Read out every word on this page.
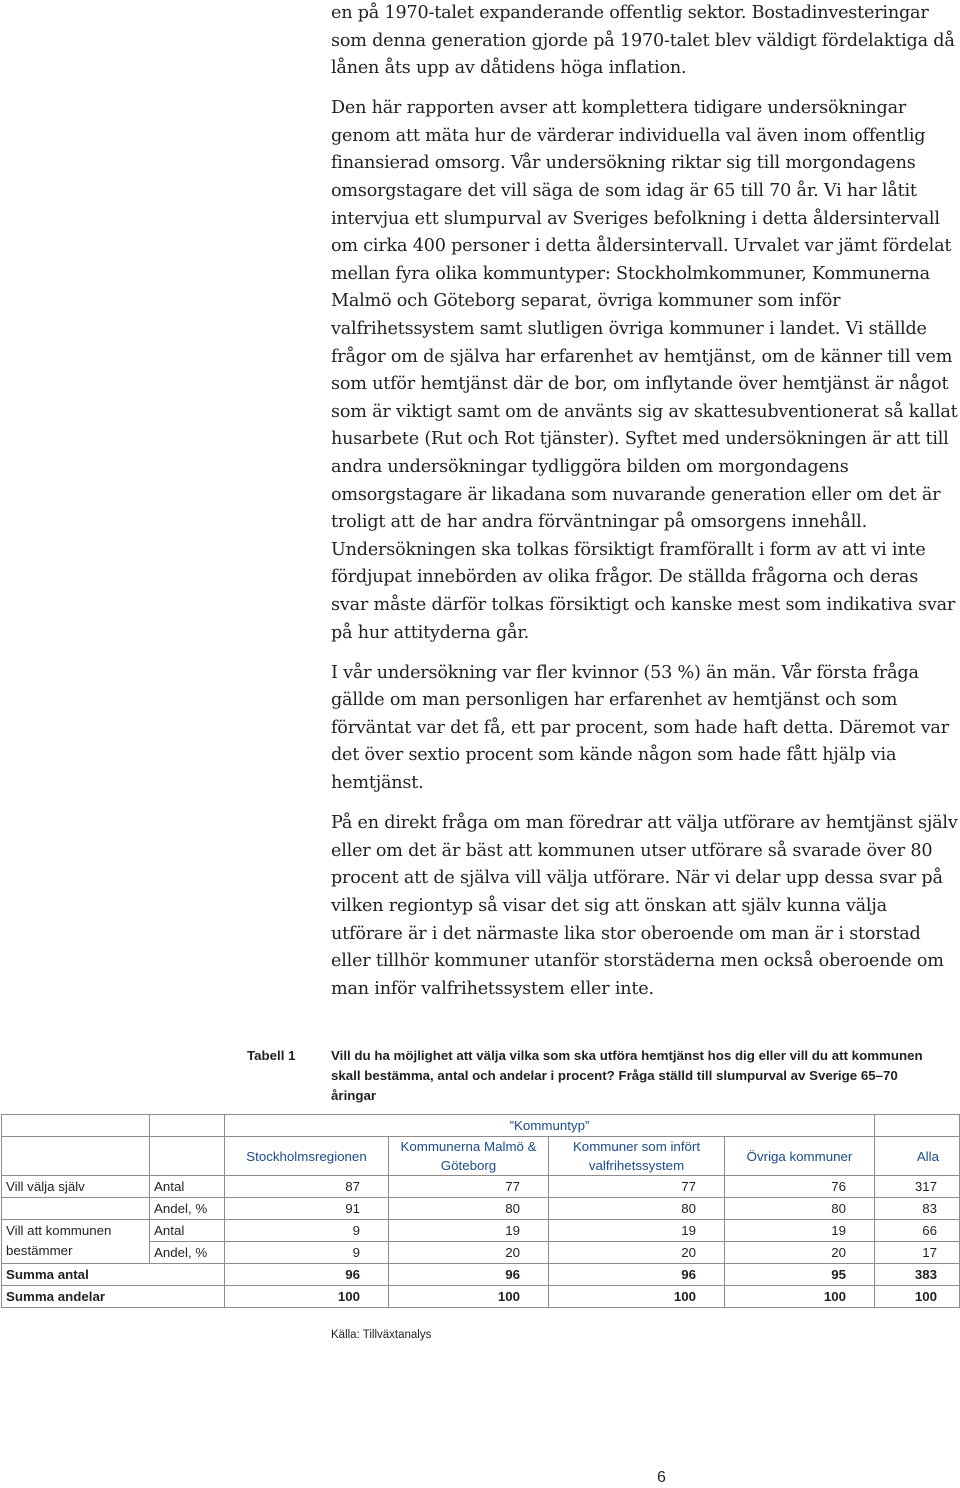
en på 1970-talet expanderande offentlig sektor. Bostadinvesteringar som denna generation gjorde på 1970-talet blev väldigt fördelaktiga då lånen åts upp av dåtidens höga inflation.

Den här rapporten avser att komplettera tidigare undersökningar genom att mäta hur de värderar individuella val även inom offentlig finansierad omsorg. Vår undersökning riktar sig till morgondagens omsorgstagare det vill säga de som idag är 65 till 70 år. Vi har låtit intervjua ett slumpurval av Sveriges befolkning i detta åldersintervall om cirka 400 personer i detta åldersintervall. Urvalet var jämt fördelat mellan fyra olika kommuntyper: Stockholmkommuner, Kommunerna Malmö och Göteborg separat, övriga kommuner som inför valfrihetssystem samt slutligen övriga kommuner i landet. Vi ställde frågor om de själva har erfarenhet av hemtjänst, om de känner till vem som utför hemtjänst där de bor, om inflytande över hemtjänst är något som är viktigt samt om de använts sig av skattesubventionerat så kallat husarbete (Rut och Rot tjänster). Syftet med undersökningen är att till andra undersökningar tydliggöra bilden om morgondagens omsorgstagare är likadana som nuvarande generation eller om det är troligt att de har andra förväntningar på omsorgens innehåll. Undersökningen ska tolkas försiktigt framförallt i form av att vi inte fördjupat innebörden av olika frågor. De ställda frågorna och deras svar måste därför tolkas försiktigt och kanske mest som indikativa svar på hur attityderna går.

I vår undersökning var fler kvinnor (53 %) än män. Vår första fråga gällde om man personligen har erfarenhet av hemtjänst och som förväntat var det få, ett par procent, som hade haft detta. Däremot var det över sextio procent som kände någon som hade fått hjälp via hemtjänst.

På en direkt fråga om man föredrar att välja utförare av hemtjänst själv eller om det är bäst att kommunen utser utförare så svarade över 80 procent att de själva vill välja utförare. När vi delar upp dessa svar på vilken regiontyp så visar det sig att önskan att själv kunna välja utförare är i det närmaste lika stor oberoende om man är i storstad eller tillhör kommuner utanför storstäderna men också oberoende om man inför valfrihetssystem eller inte.

Tabell 1	Vill du ha möjlighet att välja vilka som ska utföra hemtjänst hos dig eller vill du att kommunen skall bestämma, antal och andelar i procent? Fråga ställd till slumpurval av Sverige 65–70 åringar
		”Kommuntyp”				
		Stockholmsregionen	Kommunerna Malmö & Göteborg	Kommuner som infört valfrihetssystem	Övriga kommuner	Alla
Vill välja själv	Antal	87	77	77	76	317
	Andel, %	91	80	80	80	83
Vill att kommunen bestämmer	Antal	9	19	19	19	66
	Andel, %	9	20	20	20	17
Summa antal		96	96	96	95	383
Summa andelar		100	100	100	100	100
Källa: Tillväxtanalys
6
